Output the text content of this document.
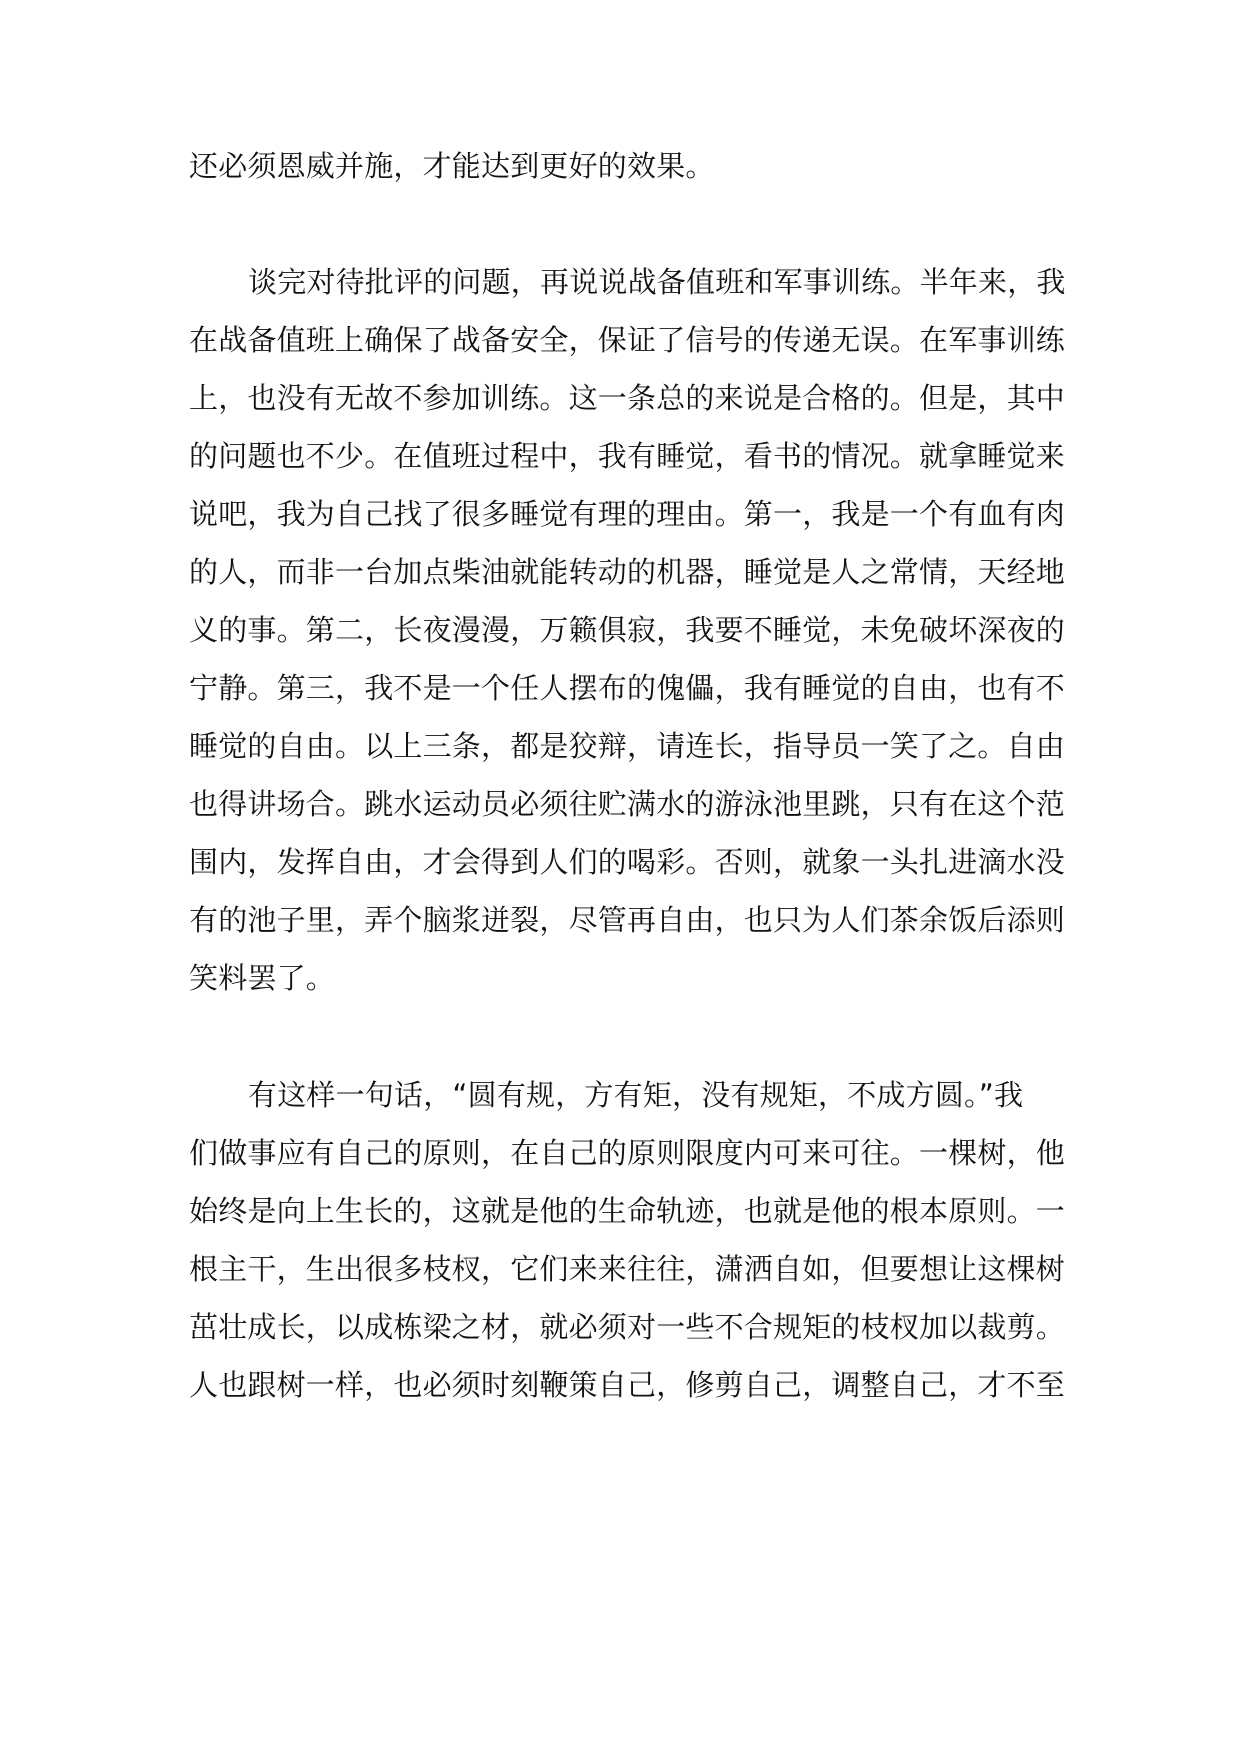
还必须恩威并施，才能达到更好的效果。

谈完对待批评的问题，再说说战备值班和军事训练。半年来，我

在战备值班上确保了战备安全，保证了信号的传递无误。在军事训练

上，也没有无故不参加训练。这一条总的来说是合格的。但是，其中

的问题也不少。在值班过程中，我有睡觉，看书的情况。就拿睡觉来

说吧，我为自己找了很多睡觉有理的理由。第一，我是一个有血有肉

的人，而非一台加点柴油就能转动的机器，睡觉是人之常情，天经地

义的事。第二，长夜漫漫，万籁俱寂，我要不睡觉，未免破坏深夜的

宁静。第三，我不是一个任人摆布的傀儡，我有睡觉的自由，也有不

睡觉的自由。以上三条，都是狡辩，请连长，指导员一笑了之。自由

也得讲场合。跳水运动员必须往贮满水的游泳池里跳，只有在这个范

围内，发挥自由，才会得到人们的喝彩。否则，就象一头扎进滴水没

有的池子里，弄个脑浆迸裂，尽管再自由，也只为人们茶余饭后添则

笑料罢了。

有这样一句话，“圆有规，方有矩，没有规矩，不成方圆。”我

们做事应有自己的原则，在自己的原则限度内可来可往。一棵树，他

始终是向上生长的，这就是他的生命轨迹，也就是他的根本原则。一

根主干，生出很多枝杈，它们来来往往，潇洒自如，但要想让这棵树

茁壮成长，以成栋梁之材，就必须对一些不合规矩的枝杈加以裁剪。

人也跟树一样，也必须时刻鞭策自己，修剪自己，调整自己，才不至
